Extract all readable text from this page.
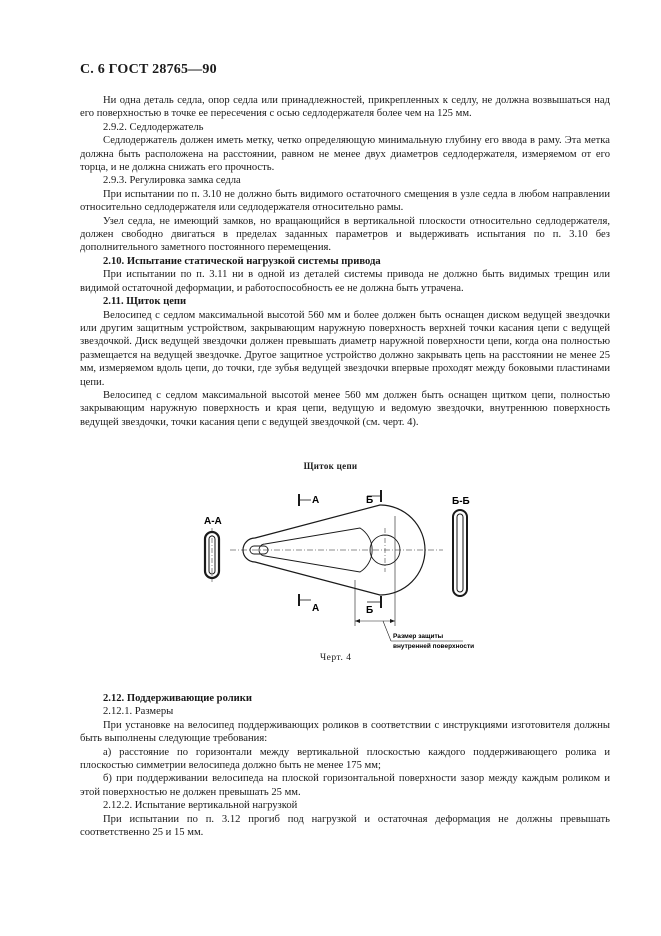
С. 6 ГОСТ 28765—90

Ни одна деталь седла, опор седла или принадлежностей, прикрепленных к седлу, не должна возвышаться над его поверхностью в точке ее пересечения с осью седлодержателя более чем на 125 мм.

2.9.2. Седлодержатель

Седлодержатель должен иметь метку, четко определяющую минимальную глубину его ввода в раму. Эта метка должна быть расположена на расстоянии, равном не менее двух диаметров седлодержателя, измеряемом от его торца, и не должна снижать его прочность.

2.9.3. Регулировка замка седла

При испытании по п. 3.10 не должно быть видимого остаточного смещения в узле седла в любом направлении относительно седлодержателя или седлодержателя относительно рамы.

Узел седла, не имеющий замков, но вращающийся в вертикальной плоскости относительно седлодержателя, должен свободно двигаться в пределах заданных параметров и выдерживать испытания по п. 3.10 без дополнительного заметного постоянного перемещения.

2.10. Испытание статической нагрузкой системы привода

При испытании по п. 3.11 ни в одной из деталей системы привода не должно быть видимых трещин или видимой остаточной деформации, и работоспособность ее не должна быть утрачена.

2.11. Щиток цепи

Велосипед с седлом максимальной высотой 560 мм и более должен быть оснащен диском ведущей звездочки или другим защитным устройством, закрывающим наружную поверхность верхней точки касания цепи с ведущей звездочкой. Диск ведущей звездочки должен превышать диаметр наружной поверхности цепи, когда она полностью размещается на ведущей звездочке. Другое защитное устройство должно закрывать цепь на расстоянии не менее 25 мм, измеряемом вдоль цепи, до точки, где зубья ведущей звездочки впервые проходят между боковыми пластинами цепи.

Велосипед с седлом максимальной высотой менее 560 мм должен быть оснащен щитком цепи, полностью закрывающим наружную поверхность и края цепи, ведущую и ведомую звездочки, внутреннюю поверхность ведущей звездочки, точки касания цепи с ведущей звездочкой (см. черт. 4).

Щиток цепи
А-А
Б-Б
А
А
Б
Б
Размер защиты
внутренней поверхности
Черт. 4

2.12. Поддерживающие ролики

2.12.1. Размеры

При установке на велосипед поддерживающих роликов в соответствии с инструкциями изготовителя должны быть выполнены следующие требования:

а) расстояние по горизонтали между вертикальной плоскостью каждого поддерживающего ролика и плоскостью симметрии велосипеда должно быть не менее 175 мм;

б) при поддерживании велосипеда на плоской горизонтальной поверхности зазор между каждым роликом и этой поверхностью не должен превышать 25 мм.

2.12.2. Испытание вертикальной нагрузкой

При испытании по п. 3.12 прогиб под нагрузкой и остаточная деформация не должны превышать соответственно 25 и 15 мм.
